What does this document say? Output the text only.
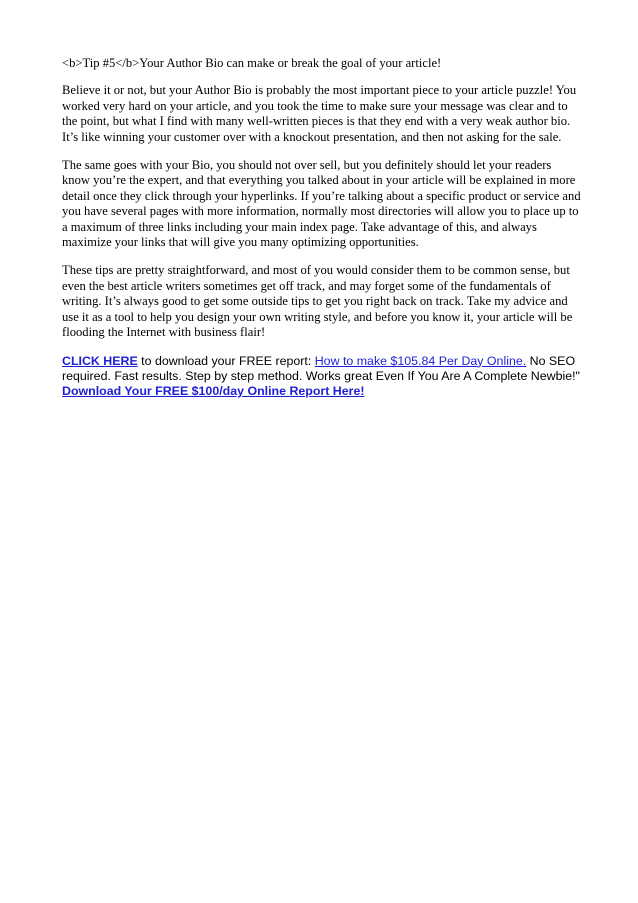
<b>Tip #5</b>Your Author Bio can make or break the goal of your article!

Believe it or not, but your Author Bio is probably the most important piece to your article puzzle! You worked very hard on your article, and you took the time to make sure your message was clear and to the point, but what I find with many well-written pieces is that they end with a very weak author bio. It’s like winning your customer over with a knockout presentation, and then not asking for the sale.

The same goes with your Bio, you should not over sell, but you definitely should let your readers know you’re the expert, and that everything you talked about in your article will be explained in more detail once they click through your hyperlinks. If you’re talking about a specific product or service and you have several pages with more information, normally most directories will allow you to place up to a maximum of three links including your main index page. Take advantage of this, and always maximize your links that will give you many optimizing opportunities.

These tips are pretty straightforward, and most of you would consider them to be common sense, but even the best article writers sometimes get off track, and may forget some of the fundamentals of writing. It’s always good to get some outside tips to get you right back on track. Take my advice and use it as a tool to help you design your own writing style, and before you know it, your article will be flooding the Internet with business flair!

CLICK HERE to download your FREE report: How to make $105.84 Per Day Online. No SEO required. Fast results. Step by step method. Works great Even If You Are A Complete Newbie!" Download Your FREE $100/day Online Report Here!
